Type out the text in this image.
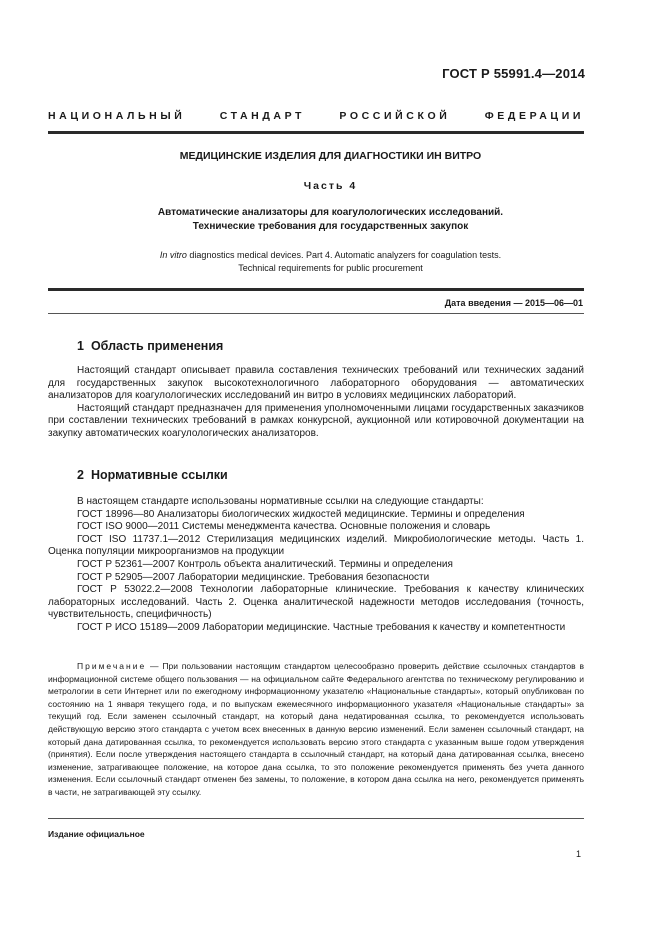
ГОСТ Р 55991.4—2014
НАЦИОНАЛЬНЫЙ СТАНДАРТ РОССИЙСКОЙ ФЕДЕРАЦИИ
МЕДИЦИНСКИЕ ИЗДЕЛИЯ ДЛЯ ДИАГНОСТИКИ ИН ВИТРО
Часть 4
Автоматические анализаторы для коагулологических исследований.
Технические требования для государственных закупок
In vitro diagnostics medical devices. Part 4. Automatic analyzers for coagulation tests.
Technical requirements for public procurement
Дата введения — 2015—06—01
1 Область применения

Настоящий стандарт описывает правила составления технических требований или технических заданий для государственных закупок высокотехнологичного лабораторного оборудования — автоматических анализаторов для коагулологических исследований ин витро в условиях медицинских лабораторий.

Настоящий стандарт предназначен для применения уполномоченными лицами государственных заказчиков при составлении технических требований в рамках конкурсной, аукционной или котировочной документации на закупку автоматических коагулологических анализаторов.

2 Нормативные ссылки

В настоящем стандарте использованы нормативные ссылки на следующие стандарты:

ГОСТ 18996—80 Анализаторы биологических жидкостей медицинские. Термины и определения

ГОСТ ISO 9000—2011 Системы менеджмента качества. Основные положения и словарь

ГОСТ ISO 11737.1—2012 Стерилизация медицинских изделий. Микробиологические методы. Часть 1. Оценка популяции микроорганизмов на продукции

ГОСТ Р 52361—2007 Контроль объекта аналитический. Термины и определения

ГОСТ Р 52905—2007 Лаборатории медицинские. Требования безопасности

ГОСТ Р 53022.2—2008 Технологии лабораторные клинические. Требования к качеству клинических лабораторных исследований. Часть 2. Оценка аналитической надежности методов исследования (точность, чувствительность, специфичность)

ГОСТ Р ИСО 15189—2009 Лаборатории медицинские. Частные требования к качеству и компетентности

Примечание — При пользовании настоящим стандартом целесообразно проверить действие ссылочных стандартов в информационной системе общего пользования — на официальном сайте Федерального агентства по техническому регулированию и метрологии в сети Интернет или по ежегодному информационному указателю «Национальные стандарты», который опубликован по состоянию на 1 января текущего года, и по выпускам ежемесячного информационного указателя «Национальные стандарты» за текущий год. Если заменен ссылочный стандарт, на который дана недатированная ссылка, то рекомендуется использовать действующую версию этого стандарта с учетом всех внесенных в данную версию изменений. Если заменен ссылочный стандарт, на который дана датированная ссылка, то рекомендуется использовать версию этого стандарта с указанным выше годом утверждения (принятия). Если после утверждения настоящего стандарта в ссылочный стандарт, на который дана датированная ссылка, внесено изменение, затрагивающее положение, на которое дана ссылка, то это положение рекомендуется применять без учета данного изменения. Если ссылочный стандарт отменен без замены, то положение, в котором дана ссылка на него, рекомендуется применять в части, не затрагивающей эту ссылку.

Издание официальное
1
